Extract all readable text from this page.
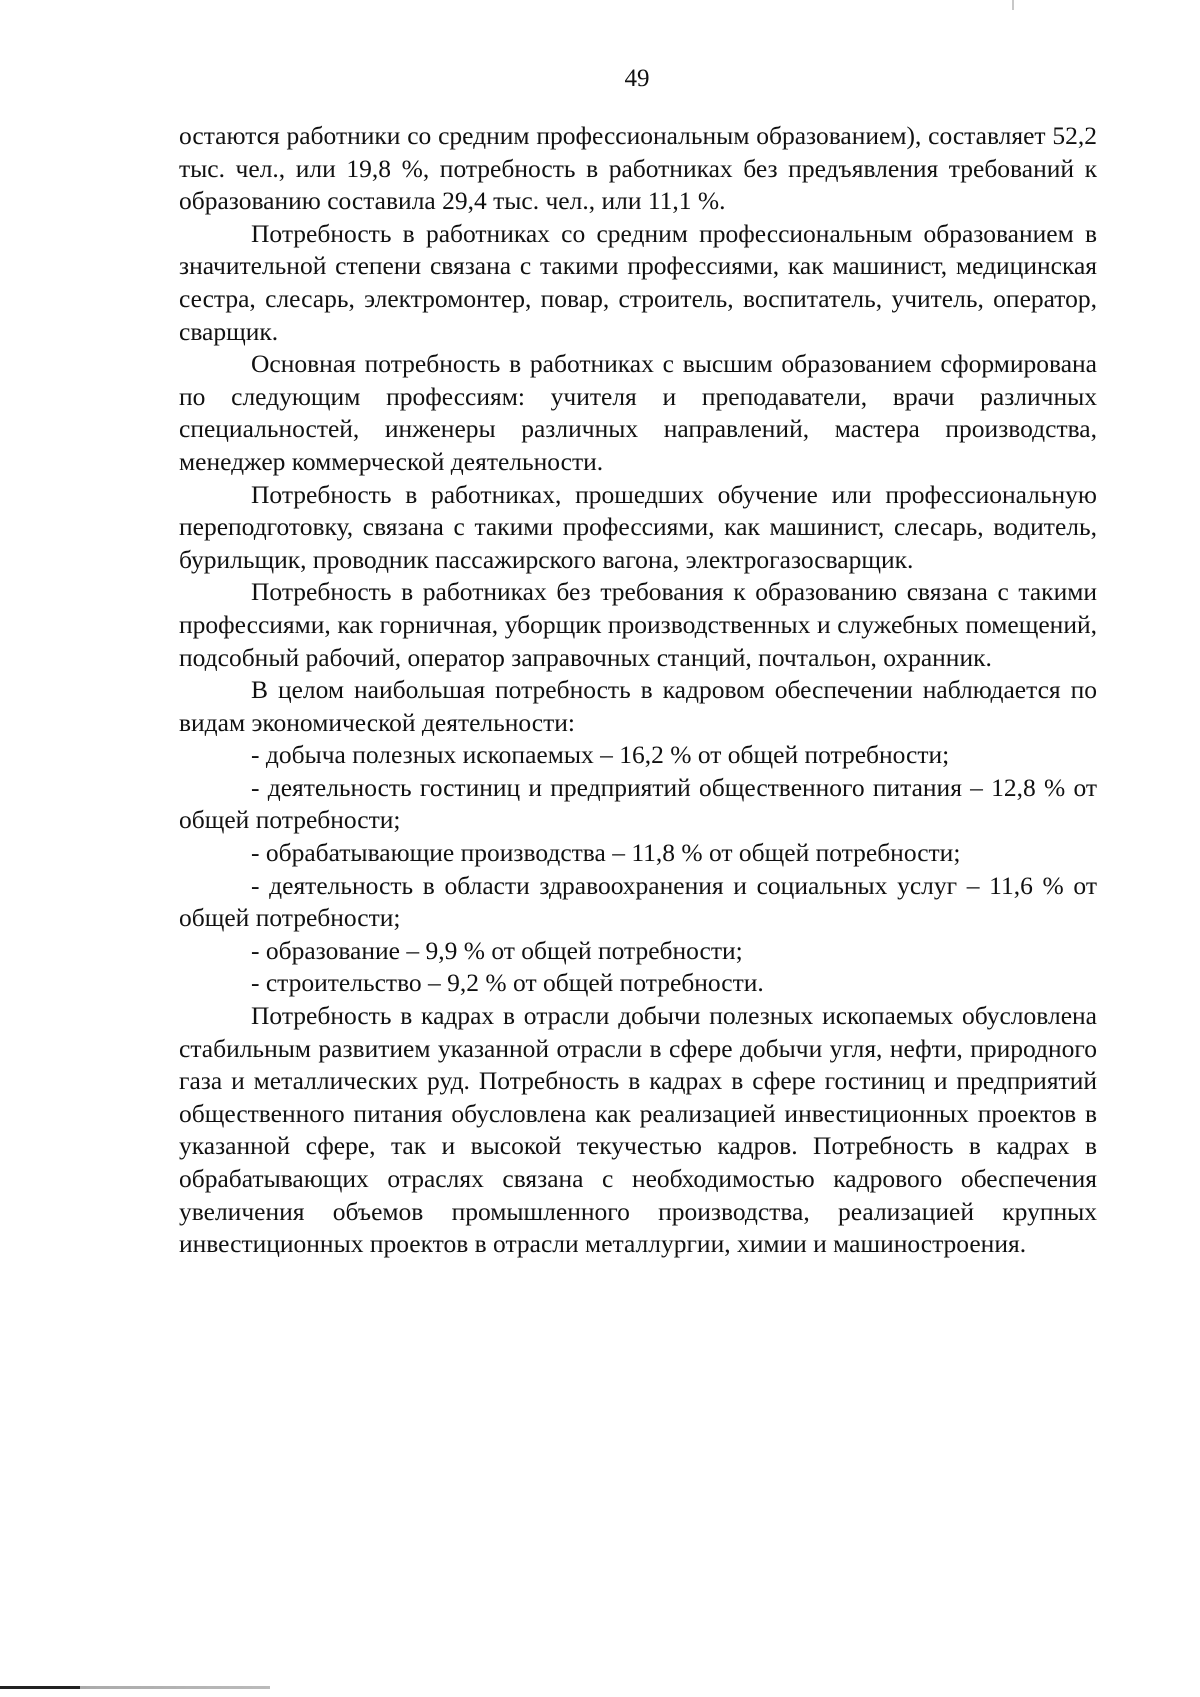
49

остаются работники со средним профессиональным образованием), составляет 52,2 тыс. чел., или 19,8 %, потребность в работниках без предъявления требований к образованию составила 29,4 тыс. чел., или 11,1 %.

Потребность в работниках со средним профессиональным образованием в значительной степени связана с такими профессиями, как машинист, медицинская сестра, слесарь, электромонтер, повар, строитель, воспитатель, учитель, оператор, сварщик.

Основная потребность в работниках с высшим образованием сформирована по следующим профессиям: учителя и преподаватели, врачи различных специальностей, инженеры различных направлений, мастера производства, менеджер коммерческой деятельности.

Потребность в работниках, прошедших обучение или профессиональную переподготовку, связана с такими профессиями, как машинист, слесарь, водитель, бурильщик, проводник пассажирского вагона, электрогазосварщик.

Потребность в работниках без требования к образованию связана с такими профессиями, как горничная, уборщик производственных и служебных помещений, подсобный рабочий, оператор заправочных станций, почтальон, охранник.

В целом наибольшая потребность в кадровом обеспечении наблюдается по видам экономической деятельности:

- добыча полезных ископаемых – 16,2 % от общей потребности;

- деятельность гостиниц и предприятий общественного питания – 12,8 % от общей потребности;

- обрабатывающие производства – 11,8 % от общей потребности;

- деятельность в области здравоохранения и социальных услуг – 11,6 % от общей потребности;

- образование – 9,9 % от общей потребности;

- строительство – 9,2 % от общей потребности.

Потребность в кадрах в отрасли добычи полезных ископаемых обусловлена стабильным развитием указанной отрасли в сфере добычи угля, нефти, природного газа и металлических руд. Потребность в кадрах в сфере гостиниц и предприятий общественного питания обусловлена как реализацией инвестиционных проектов в указанной сфере, так и высокой текучестью кадров. Потребность в кадрах в обрабатывающих отраслях связана с необходимостью кадрового обеспечения увеличения объемов промышленного производства, реализацией крупных инвестиционных проектов в отрасли металлургии, химии и машиностроения.
